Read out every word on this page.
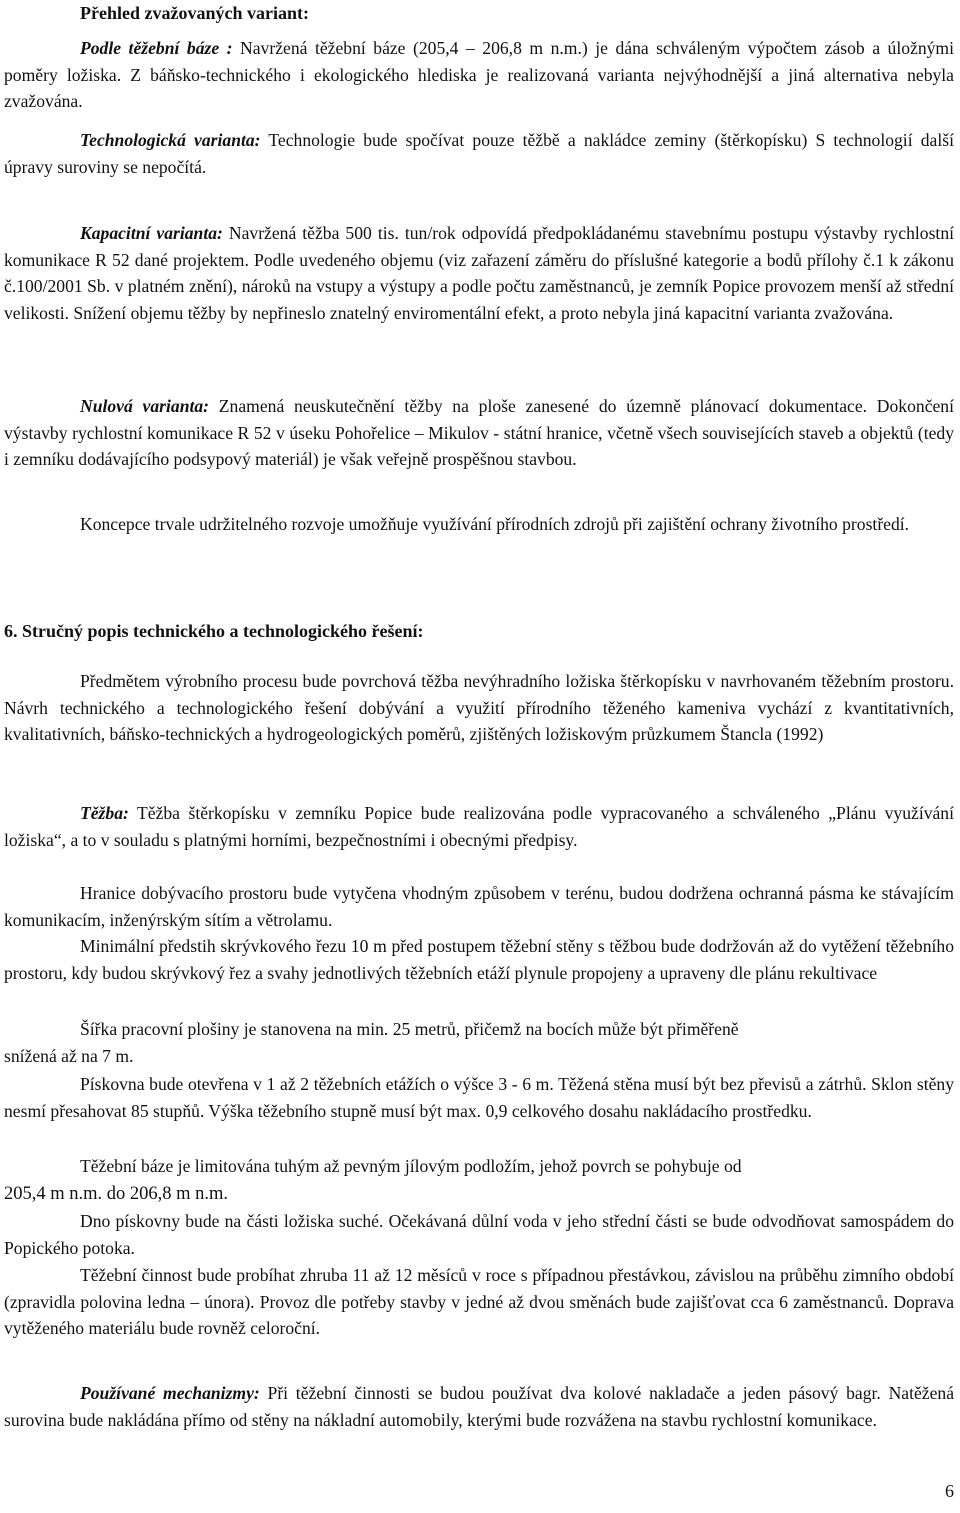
Přehled zvažovaných variant:

Podle těžební báze : Navržená těžební báze (205,4 – 206,8 m n.m.) je dána schváleným výpočtem zásob a úložnými poměry ložiska. Z báňsko-technického i ekologického hlediska je realizovaná varianta nejvýhodnější a jiná alternativa nebyla zvažována.

Technologická varianta: Technologie bude spočívat pouze těžbě a nakládce zeminy (štěrkopísku) S technologií další úpravy suroviny se nepočítá.

Kapacitní varianta: Navržená těžba 500 tis. tun/rok odpovídá předpokládanému stavebnímu postupu výstavby rychlostní komunikace R 52 dané projektem. Podle uvedeného objemu (viz zařazení záměru do příslušné kategorie a bodů přílohy č.1 k zákonu č.100/2001 Sb. v platném znění), nároků na vstupy a výstupy a podle počtu zaměstnanců, je zemník Popice provozem menší až střední velikosti. Snížení objemu těžby by nepřineslo znatelný enviromentální efekt, a proto nebyla jiná kapacitní varianta zvažována.

Nulová varianta: Znamená neuskutečnění těžby na ploše zanesené do územně plánovací dokumentace. Dokončení výstavby rychlostní komunikace R 52 v úseku Pohořelice – Mikulov - státní hranice, včetně všech souvisejících staveb a objektů (tedy i zemníku dodávajícího podsypový materiál) je však veřejně prospěšnou stavbou.

Koncepce trvale udržitelného rozvoje umožňuje využívání přírodních zdrojů při zajištění ochrany životního prostředí.

6. Stručný popis technického a technologického řešení:

Předmětem výrobního procesu bude povrchová těžba nevýhradního ložiska štěrkopísku v navrhovaném těžebním prostoru. Návrh technického a technologického řešení dobývání a využití přírodního těženého kameniva vychází z kvantitativních, kvalitativních, báňsko-technických a hydrogeologických poměrů, zjištěných ložiskovým průzkumem Štancla (1992)

Těžba: Těžba štěrkopísku v zemníku Popice bude realizována podle vypracovaného a schváleného „Plánu využívání ložiska“, a to v souladu s platnými horními, bezpečnostními i obecnými předpisy.

Hranice dobývacího prostoru bude vytyčena vhodným způsobem v terénu, budou dodržena ochranná pásma ke stávajícím komunikacím, inženýrským sítím a větrolamu.

Minimální předstih skrývkového řezu 10 m před postupem těžební stěny s těžbou bude dodržován až do vytěžení těžebního prostoru, kdy budou skrývkový řez a svahy jednotlivých těžebních etáží plynule propojeny a upraveny dle plánu rekultivace

Šířka pracovní plošiny je stanovena na min. 25 metrů, přičemž na bocích může být přiměřeně

snížená až na 7 m.

Pískovna bude otevřena v 1 až 2 těžebních etážích o výšce 3 - 6 m. Těžená stěna musí být bez převisů a zátrhů. Sklon stěny nesmí přesahovat 85 stupňů. Výška těžebního stupně musí být max. 0,9 celkového dosahu nakládacího prostředku.

Těžební báze je limitována tuhým až pevným jílovým podložím, jehož povrch se pohybuje od

205,4 m n.m. do 206,8 m n.m.

Dno pískovny bude na části ložiska suché. Očekávaná důlní voda v jeho střední části se bude odvodňovat samospádem do Popického potoka.

Těžební činnost bude probíhat zhruba 11 až 12 měsíců v roce s případnou přestávkou, závislou na průběhu zimního období (zpravidla polovina ledna – února). Provoz dle potřeby stavby v jedné až dvou směnách bude zajišťovat cca 6 zaměstnanců. Doprava vytěženého materiálu bude rovněž celoroční.

Používané mechanizmy: Při těžební činnosti se budou používat dva kolové nakladače a jeden pásový bagr. Natěžená surovina bude nakládána přímo od stěny na nákladní automobily, kterými bude rozvážena na stavbu rychlostní komunikace.

6
